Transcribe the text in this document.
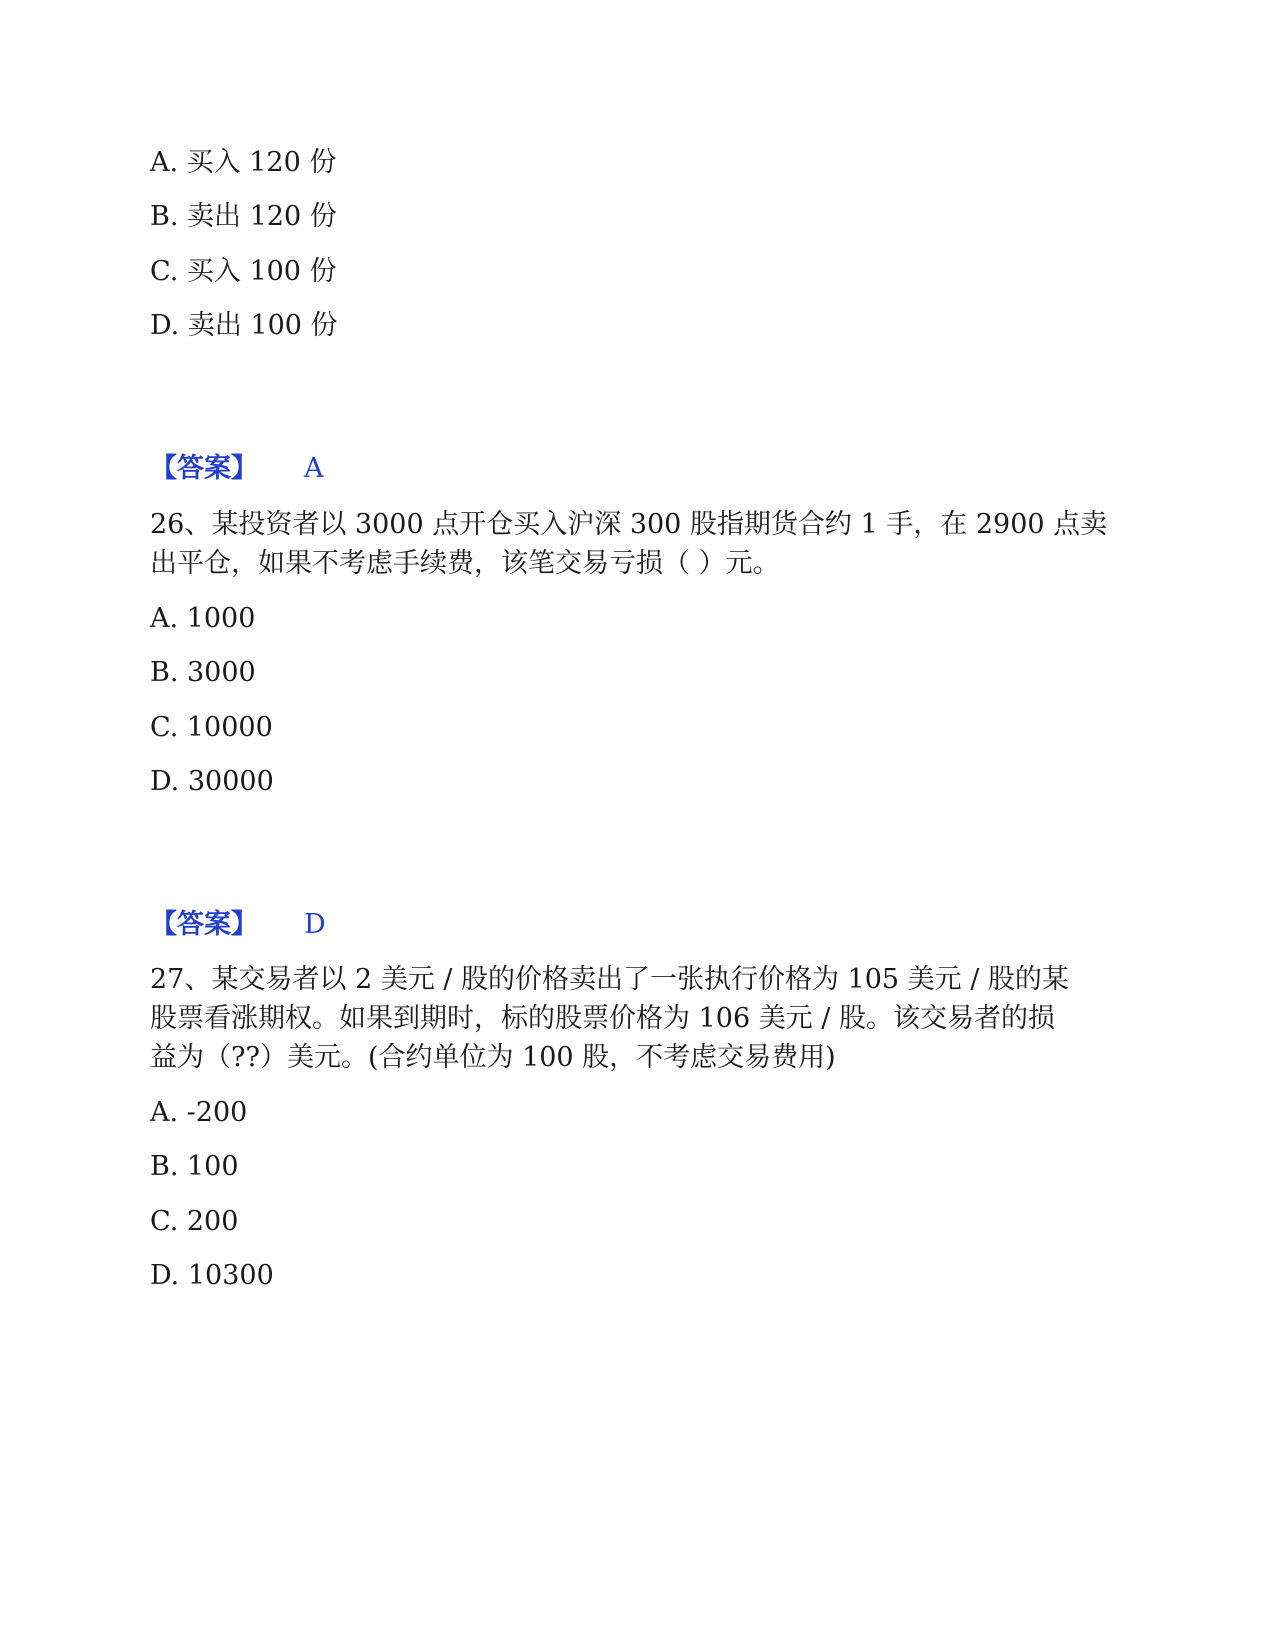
A. 买入 120 份
B. 卖出 120 份
C. 买入 100 份
D. 卖出 100 份
【答案】 A
26、某投资者以 3000 点开仓买入沪深 300 股指期货合约 1 手，在 2900 点卖
出平仓，如果不考虑手续费，该笔交易亏损（ ）元。
A. 1000
B. 3000
C. 10000
D. 30000
【答案】 D
27、某交易者以 2 美元 / 股的价格卖出了一张执行价格为 105 美元 / 股的某
股票看涨期权。如果到期时，标的股票价格为 106 美元 / 股。该交易者的损
益为（??）美元。(合约单位为 100 股，不考虑交易费用)
A. -200
B. 100
C. 200
D. 10300
